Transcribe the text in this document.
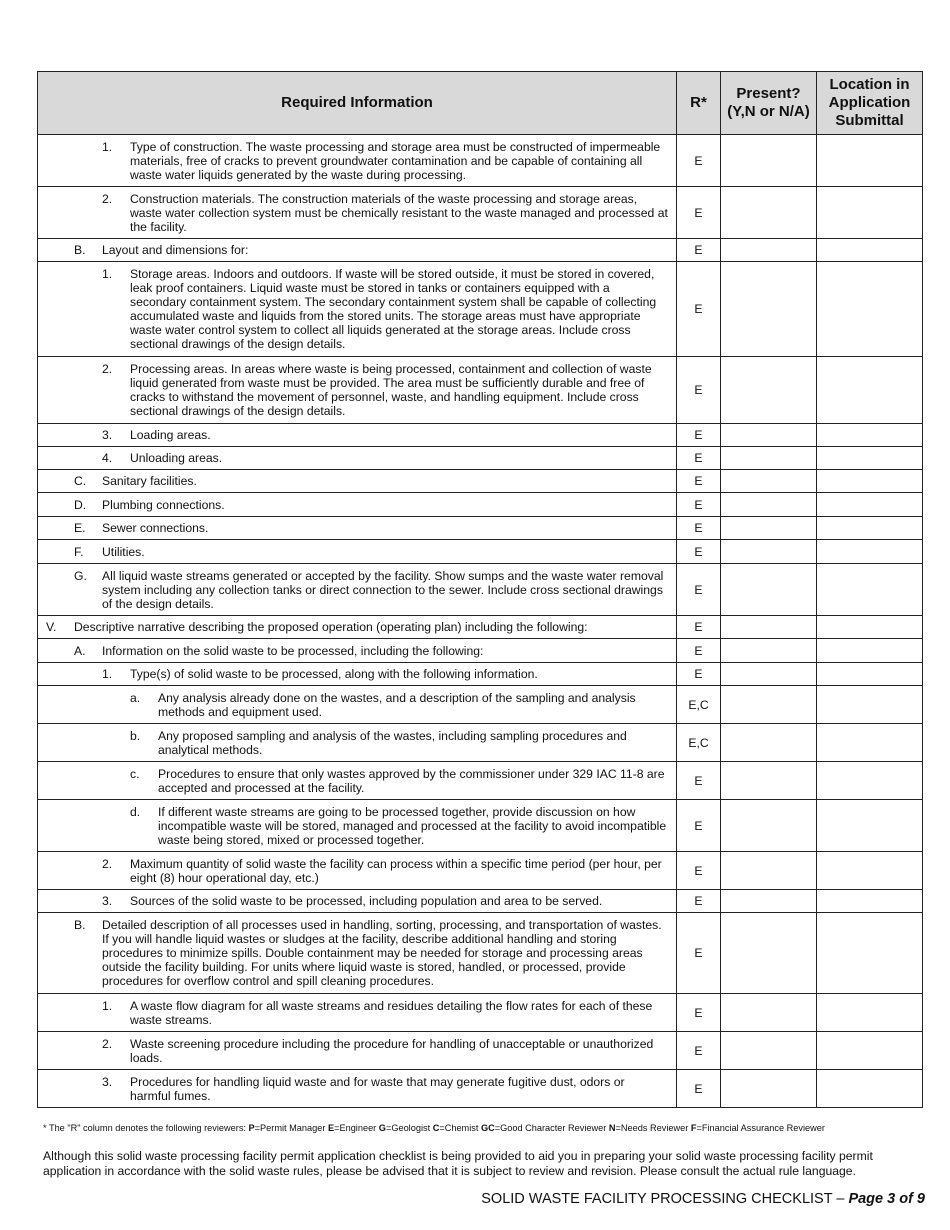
Required Information	R*	Present? (Y,N or N/A)	Location in Application Submittal

1. Type of construction. The waste processing and storage area must be constructed of impermeable materials, free of cracks to prevent groundwater contamination and be capable of containing all waste water liquids generated by the waste during processing.	E		

2. Construction materials. The construction materials of the waste processing and storage areas, waste water collection system must be chemically resistant to the waste managed and processed at the facility.	E		

B. Layout and dimensions for:	E		

1. Storage areas. Indoors and outdoors. If waste will be stored outside, it must be stored in covered, leak proof containers. Liquid waste must be stored in tanks or containers equipped with a secondary containment system. The secondary containment system shall be capable of collecting accumulated waste and liquids from the stored units. The storage areas must have appropriate waste water control system to collect all liquids generated at the storage areas. Include cross sectional drawings of the design details.	E		

2. Processing areas. In areas where waste is being processed, containment and collection of waste liquid generated from waste must be provided. The area must be sufficiently durable and free of cracks to withstand the movement of personnel, waste, and handling equipment. Include cross sectional drawings of the design details.	E		

3. Loading areas.	E		

4. Unloading areas.	E		

C. Sanitary facilities.	E		

D. Plumbing connections.	E		

E. Sewer connections.	E		

F. Utilities.	E		

G. All liquid waste streams generated or accepted by the facility. Show sumps and the waste water removal system including any collection tanks or direct connection to the sewer. Include cross sectional drawings of the design details.	E		

V. Descriptive narrative describing the proposed operation (operating plan) including the following:	E		

A. Information on the solid waste to be processed, including the following:	E		

1. Type(s) of solid waste to be processed, along with the following information.	E		

a. Any analysis already done on the wastes, and a description of the sampling and analysis methods and equipment used.	E,C		

b. Any proposed sampling and analysis of the wastes, including sampling procedures and analytical methods.	E,C		

c. Procedures to ensure that only wastes approved by the commissioner under 329 IAC 11-8 are accepted and processed at the facility.	E		

d. If different waste streams are going to be processed together, provide discussion on how incompatible waste will be stored, managed and processed at the facility to avoid incompatible waste being stored, mixed or processed together.	E		

2. Maximum quantity of solid waste the facility can process within a specific time period (per hour, per eight (8) hour operational day, etc.)	E		

3. Sources of the solid waste to be processed, including population and area to be served.	E		

B. Detailed description of all processes used in handling, sorting, processing, and transportation of wastes. If you will handle liquid wastes or sludges at the facility, describe additional handling and storing procedures to minimize spills. Double containment may be needed for storage and processing areas outside the facility building. For units where liquid waste is stored, handled, or processed, provide procedures for overflow control and spill cleaning procedures.	E		

1. A waste flow diagram for all waste streams and residues detailing the flow rates for each of these waste streams.	E		

2. Waste screening procedure including the procedure for handling of unacceptable or unauthorized loads.	E		

3. Procedures for handling liquid waste and for waste that may generate fugitive dust, odors or harmful fumes.	E		
* The "R" column denotes the following reviewers: P=Permit Manager E=Engineer G=Geologist C=Chemist GC=Good Character Reviewer N=Needs Reviewer F=Financial Assurance Reviewer
Although this solid waste processing facility permit application checklist is being provided to aid you in preparing your solid waste processing facility permit application in accordance with the solid waste rules, please be advised that it is subject to review and revision. Please consult the actual rule language.
SOLID WASTE FACILITY PROCESSING CHECKLIST – Page 3 of 9
